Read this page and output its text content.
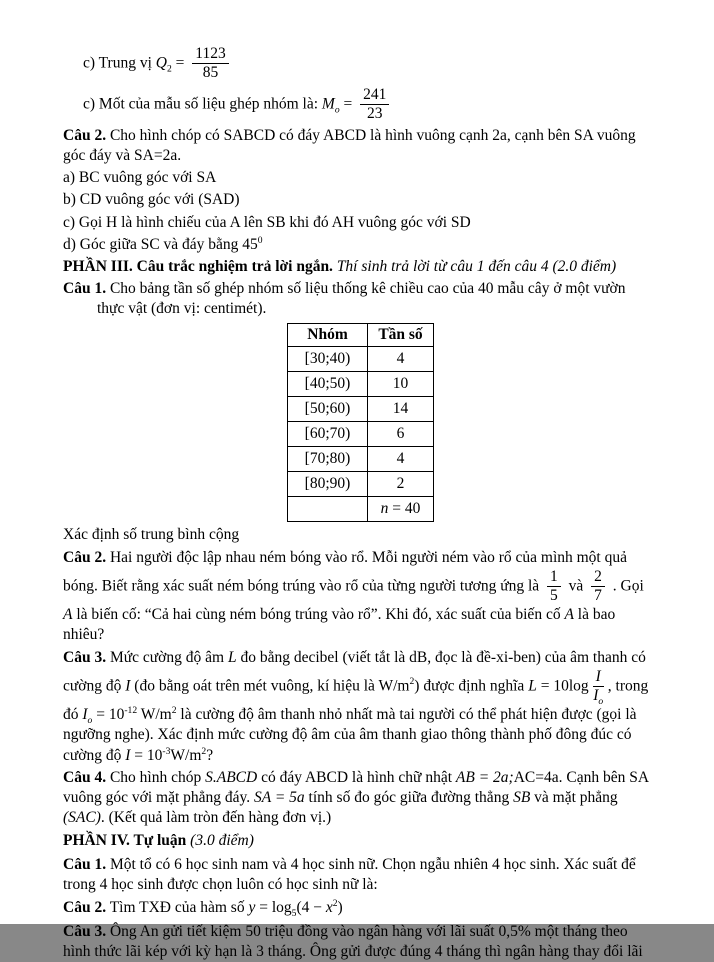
c) Trung vị $Q_2 = \frac{1123}{85}$

c) Mốt của mẫu số liệu ghép nhóm là: $M_o = \frac{241}{23}$

Câu 2. Cho hình chóp có SABCD có đáy ABCD là hình vuông cạnh 2a, cạnh bên SA vuông góc đáy và SA=2a.

a) BC vuông góc với SA

b) CD vuông góc với (SAD)

c) Gọi H là hình chiếu của A lên SB khi đó AH vuông góc với SD

d) Góc giữa SC và đáy bằng $45^0$

PHẦN III. Câu trắc nghiệm trả lời ngắn. Thí sinh trả lời từ câu 1 đến câu 4 (2.0 điểm)

Câu 1. Cho bảng tần số ghép nhóm số liệu thống kê chiều cao của 40 mẫu cây ở một vườn thực vật (đơn vị: centimét).

Nhóm	Tần số
[30;40)	4
[40;50)	10
[50;60)	14
[60;70)	6
[70;80)	4
[80;90)	2
	n = 40

Xác định số trung bình cộng

Câu 2. Hai người độc lập nhau ném bóng vào rổ. Mỗi người ném vào rổ của mình một quả bóng. Biết rằng xác suất ném bóng trúng vào rổ của từng người tương ứng là $\frac{1}{5}$ và $\frac{2}{7}$ . Gọi A là biến cố: “Cả hai cùng ném bóng trúng vào rổ”. Khi đó, xác suất của biến cố A là bao nhiêu?

Câu 3. Mức cường độ âm L đo bằng decibel (viết tắt là dB, đọc là đề-xi-ben) của âm thanh có cường độ I (đo bằng oát trên mét vuông, kí hiệu là $W/m^2$) được định nghĩa $L = 10\log \frac{I}{I_o}$ , trong đó $I_o = 10^{-12}$ $W/m^2$ là cường độ âm thanh nhỏ nhất mà tai người có thể phát hiện được (gọi là ngưỡng nghe). Xác định mức cường độ âm của âm thanh giao thông thành phố đông đúc có cường độ $I = 10^{-3}W/m^2$?

Câu 4. Cho hình chóp S.ABCD có đáy ABCD là hình chữ nhật AB = 2a;AC=4a. Cạnh bên SA vuông góc với mặt phẳng đáy. SA = 5a tính số đo góc giữa đường thẳng SB và mặt phẳng (SAC). (Kết quả làm tròn đến hàng đơn vị.)

PHẦN IV. Tự luận (3.0 điểm)

Câu 1. Một tổ có 6 học sinh nam và 4 học sinh nữ. Chọn ngẫu nhiên 4 học sinh. Xác suất để trong 4 học sinh được chọn luôn có học sinh nữ là:

Câu 2. Tìm TXĐ của hàm số $y = \log_5(4 - x^2)$

Câu 3. Ông An gửi tiết kiệm 50 triệu đồng vào ngân hàng với lãi suất 0,5% một tháng theo hình thức lãi kép với kỳ hạn là 3 tháng. Ông gửi được đúng 4 tháng thì ngân hàng thay đổi lãi
